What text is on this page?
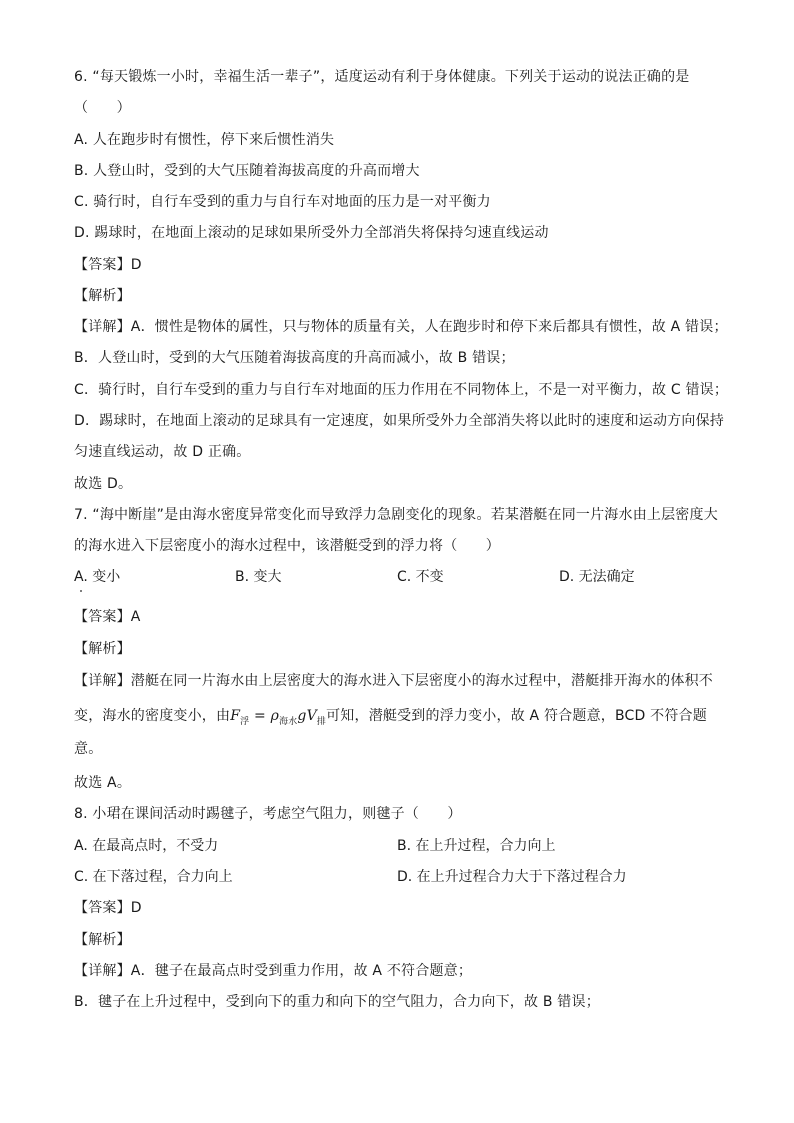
6. “每天锻炼一小时，幸福生活一辈子”，适度运动有利于身体健康。下列关于运动的说法正确的是
（　　）
A. 人在跑步时有惯性，停下来后惯性消失
B. 人登山时，受到的大气压随着海拔高度的升高而增大
C. 骑行时，自行车受到的重力与自行车对地面的压力是一对平衡力
D. 踢球时，在地面上滚动的足球如果所受外力全部消失将保持匀速直线运动
【答案】D
【解析】
【详解】A．惯性是物体的属性，只与物体的质量有关，人在跑步时和停下来后都具有惯性，故 A 错误；
B．人登山时，受到的大气压随着海拔高度的升高而减小，故 B 错误；
C．骑行时，自行车受到的重力与自行车对地面的压力作用在不同物体上，不是一对平衡力，故 C 错误；
D．踢球时，在地面上滚动的足球具有一定速度，如果所受外力全部消失将以此时的速度和运动方向保持
匀速直线运动，故 D 正确。
故选 D。
7. “海中断崖”是由海水密度异常变化而导致浮力急剧变化的现象。若某潜艇在同一片海水由上层密度大
的海水进入下层密度小的海水过程中，该潜艇受到的浮力将（　　）
A. 变小	B. 变大	C. 不变	D. 无法确定
【答案】A
【解析】
【详解】潜艇在同一片海水由上层密度大的海水进入下层密度小的海水过程中，潜艇排开海水的体积不
变，海水的密度变小，由$F_浮 = \rho_{海水}gV_排$可知，潜艇受到的浮力变小，故 A 符合题意，BCD 不符合题
意。
故选 A。
8. 小珺在课间活动时踢毽子，考虑空气阻力，则毽子（　　）
A. 在最高点时，不受力	B. 在上升过程，合力向上
C. 在下落过程，合力向上	D. 在上升过程合力大于下落过程合力
【答案】D
【解析】
【详解】A．毽子在最高点时受到重力作用，故 A 不符合题意；
B．毽子在上升过程中，受到向下的重力和向下的空气阻力，合力向下，故 B 错误；
